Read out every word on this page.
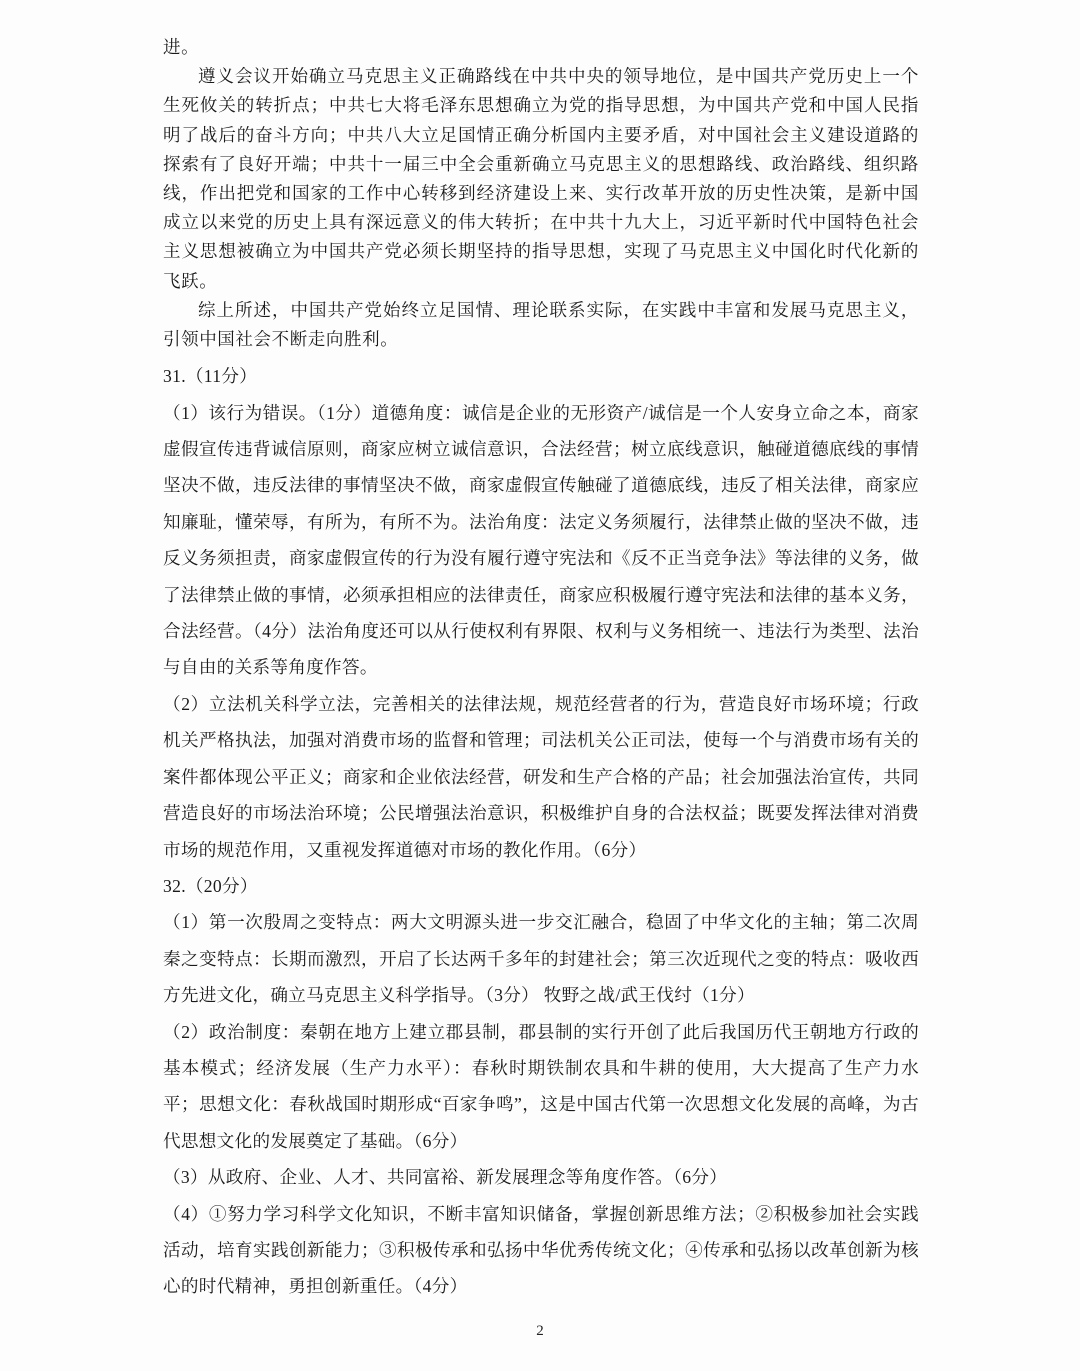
进。

遵义会议开始确立马克思主义正确路线在中共中央的领导地位，是中国共产党历史上一个生死攸关的转折点；中共七大将毛泽东思想确立为党的指导思想，为中国共产党和中国人民指明了战后的奋斗方向；中共八大立足国情正确分析国内主要矛盾，对中国社会主义建设道路的探索有了良好开端；中共十一届三中全会重新确立马克思主义的思想路线、政治路线、组织路线，作出把党和国家的工作中心转移到经济建设上来、实行改革开放的历史性决策，是新中国成立以来党的历史上具有深远意义的伟大转折；在中共十九大上，习近平新时代中国特色社会主义思想被确立为中国共产党必须长期坚持的指导思想，实现了马克思主义中国化时代化新的飞跃。

综上所述，中国共产党始终立足国情、理论联系实际，在实践中丰富和发展马克思主义，引领中国社会不断走向胜利。

31.（11分）

（1）该行为错误。（1分）道德角度：诚信是企业的无形资产/诚信是一个人安身立命之本，商家虚假宣传违背诚信原则，商家应树立诚信意识，合法经营；树立底线意识，触碰道德底线的事情坚决不做，违反法律的事情坚决不做，商家虚假宣传触碰了道德底线，违反了相关法律，商家应知廉耻，懂荣辱，有所为，有所不为。法治角度：法定义务须履行，法律禁止做的坚决不做，违反义务须担责，商家虚假宣传的行为没有履行遵守宪法和《反不正当竞争法》等法律的义务，做了法律禁止做的事情，必须承担相应的法律责任，商家应积极履行遵守宪法和法律的基本义务，合法经营。（4分）法治角度还可以从行使权利有界限、权利与义务相统一、违法行为类型、法治与自由的关系等角度作答。

（2）立法机关科学立法，完善相关的法律法规，规范经营者的行为，营造良好市场环境；行政机关严格执法，加强对消费市场的监督和管理；司法机关公正司法，使每一个与消费市场有关的案件都体现公平正义；商家和企业依法经营，研发和生产合格的产品；社会加强法治宣传，共同营造良好的市场法治环境；公民增强法治意识，积极维护自身的合法权益；既要发挥法律对消费市场的规范作用，又重视发挥道德对市场的教化作用。（6分）

32.（20分）

（1）第一次殷周之变特点：两大文明源头进一步交汇融合，稳固了中华文化的主轴；第二次周秦之变特点：长期而激烈，开启了长达两千多年的封建社会；第三次近现代之变的特点：吸收西方先进文化，确立马克思主义科学指导。（3分） 牧野之战/武王伐纣（1分）

（2）政治制度：秦朝在地方上建立郡县制，郡县制的实行开创了此后我国历代王朝地方行政的基本模式；经济发展（生产力水平）：春秋时期铁制农具和牛耕的使用，大大提高了生产力水平；思想文化：春秋战国时期形成“百家争鸣”，这是中国古代第一次思想文化发展的高峰，为古代思想文化的发展奠定了基础。（6分）

（3）从政府、企业、人才、共同富裕、新发展理念等角度作答。（6分）

（4）①努力学习科学文化知识，不断丰富知识储备，掌握创新思维方法；②积极参加社会实践活动，培育实践创新能力；③积极传承和弘扬中华优秀传统文化；④传承和弘扬以改革创新为核心的时代精神，勇担创新重任。（4分）

2
